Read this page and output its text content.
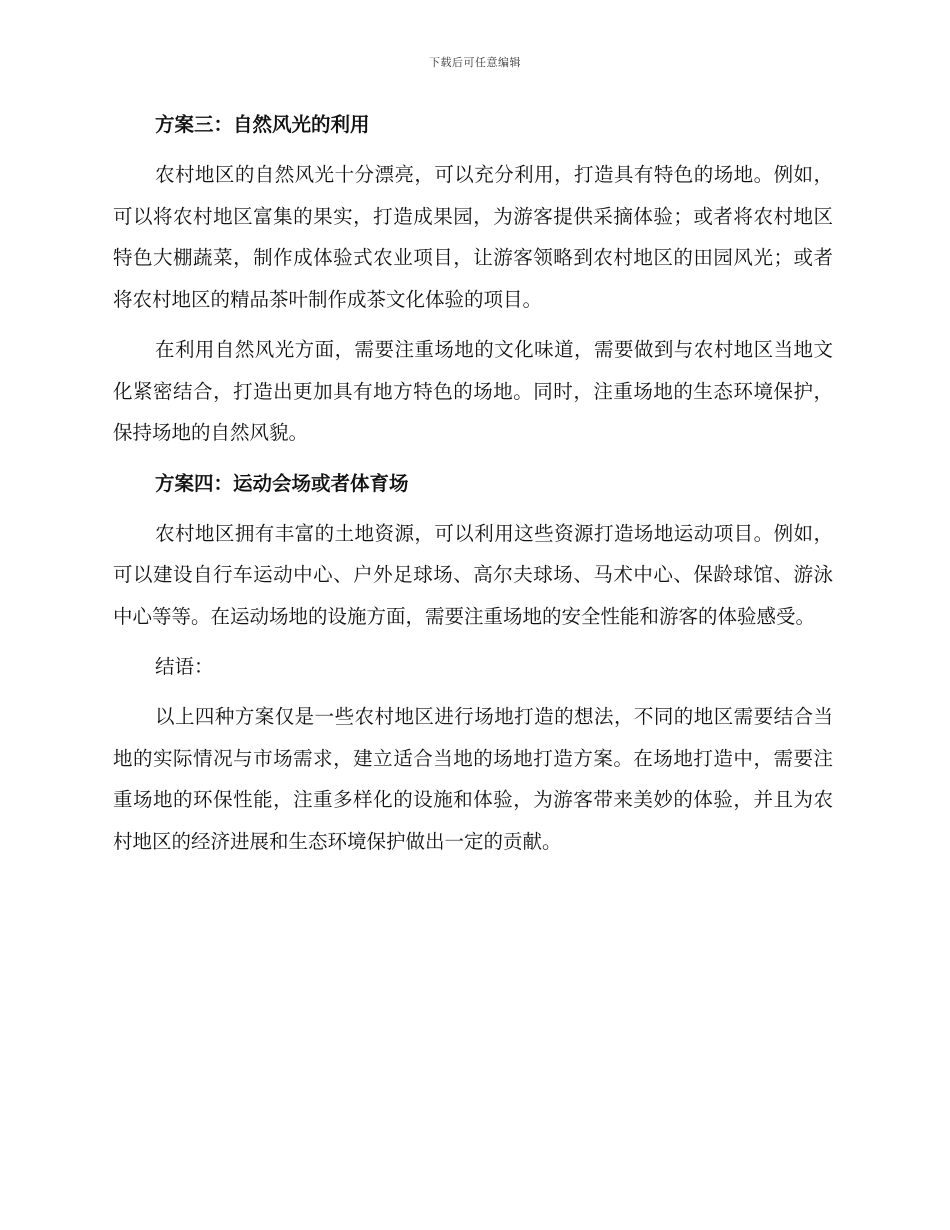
下载后可任意编辑

方案三：自然风光的利用

农村地区的自然风光十分漂亮，可以充分利用，打造具有特色的场地。例如，可以将农村地区富集的果实，打造成果园，为游客提供采摘体验；或者将农村地区特色大棚蔬菜，制作成体验式农业项目，让游客领略到农村地区的田园风光；或者将农村地区的精品茶叶制作成茶文化体验的项目。

在利用自然风光方面，需要注重场地的文化味道，需要做到与农村地区当地文化紧密结合，打造出更加具有地方特色的场地。同时，注重场地的生态环境保护，保持场地的自然风貌。

方案四：运动会场或者体育场

农村地区拥有丰富的土地资源，可以利用这些资源打造场地运动项目。例如，可以建设自行车运动中心、户外足球场、高尔夫球场、马术中心、保龄球馆、游泳中心等等。在运动场地的设施方面，需要注重场地的安全性能和游客的体验感受。

结语：

以上四种方案仅是一些农村地区进行场地打造的想法，不同的地区需要结合当地的实际情况与市场需求，建立适合当地的场地打造方案。在场地打造中，需要注重场地的环保性能，注重多样化的设施和体验，为游客带来美妙的体验，并且为农村地区的经济进展和生态环境保护做出一定的贡献。
